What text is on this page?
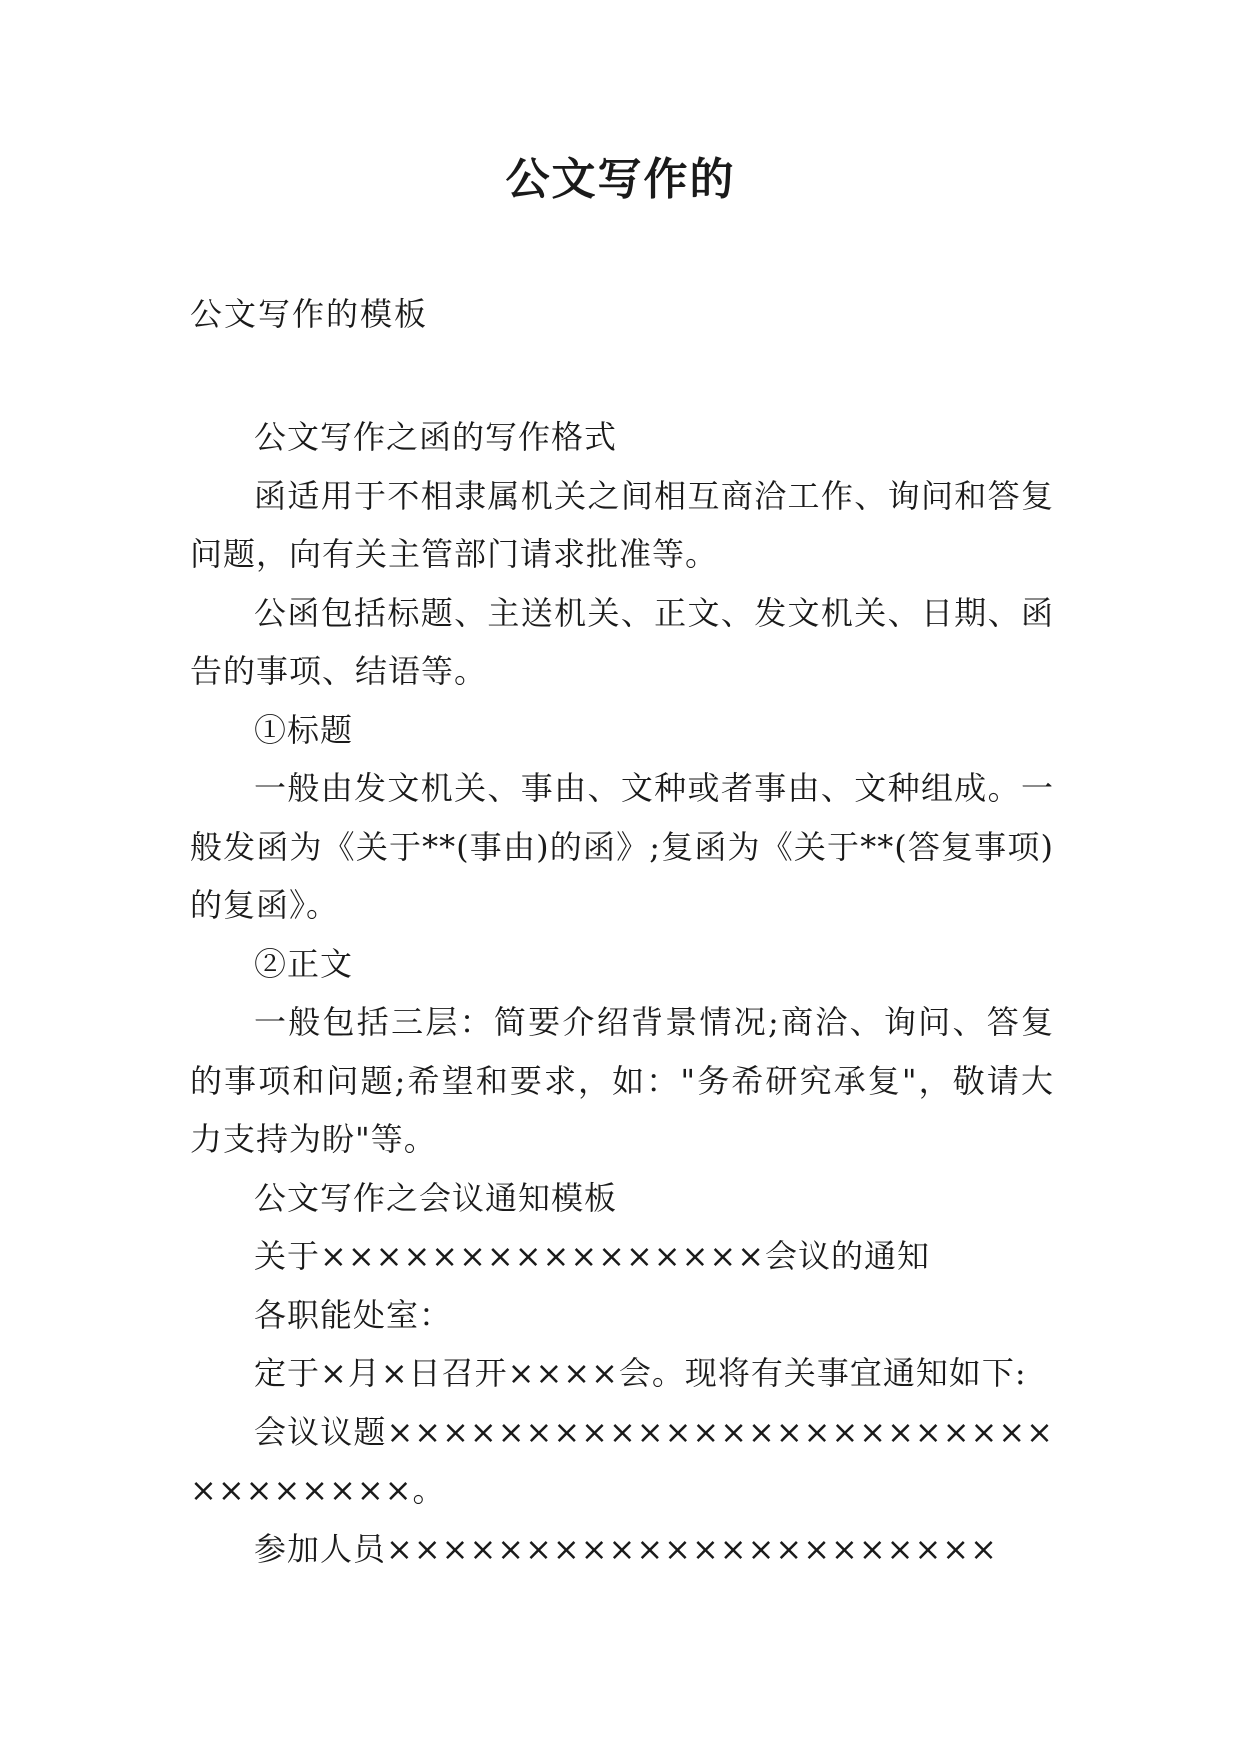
公文写作的
公文写作的模板

公文写作之函的写作格式

函适用于不相隶属机关之间相互商洽工作、询问和答复问题，向有关主管部门请求批准等。

公函包括标题、主送机关、正文、发文机关、日期、函告的事项、结语等。

①标题

一般由发文机关、事由、文种或者事由、文种组成。一般发函为《关于**(事由)的函》;复函为《关于**(答复事项)的复函》。

②正文

一般包括三层：简要介绍背景情况;商洽、询问、答复的事项和问题;希望和要求，如："务希研究承复"，敬请大力支持为盼"等。

公文写作之会议通知模板

关于××××××××××××××××会议的通知

各职能处室：

定于×月×日召开××××会。现将有关事宜通知如下:

会议议题××××××××××××××××××××××××××××××××。

参加人员××××××××××××××××××××××
